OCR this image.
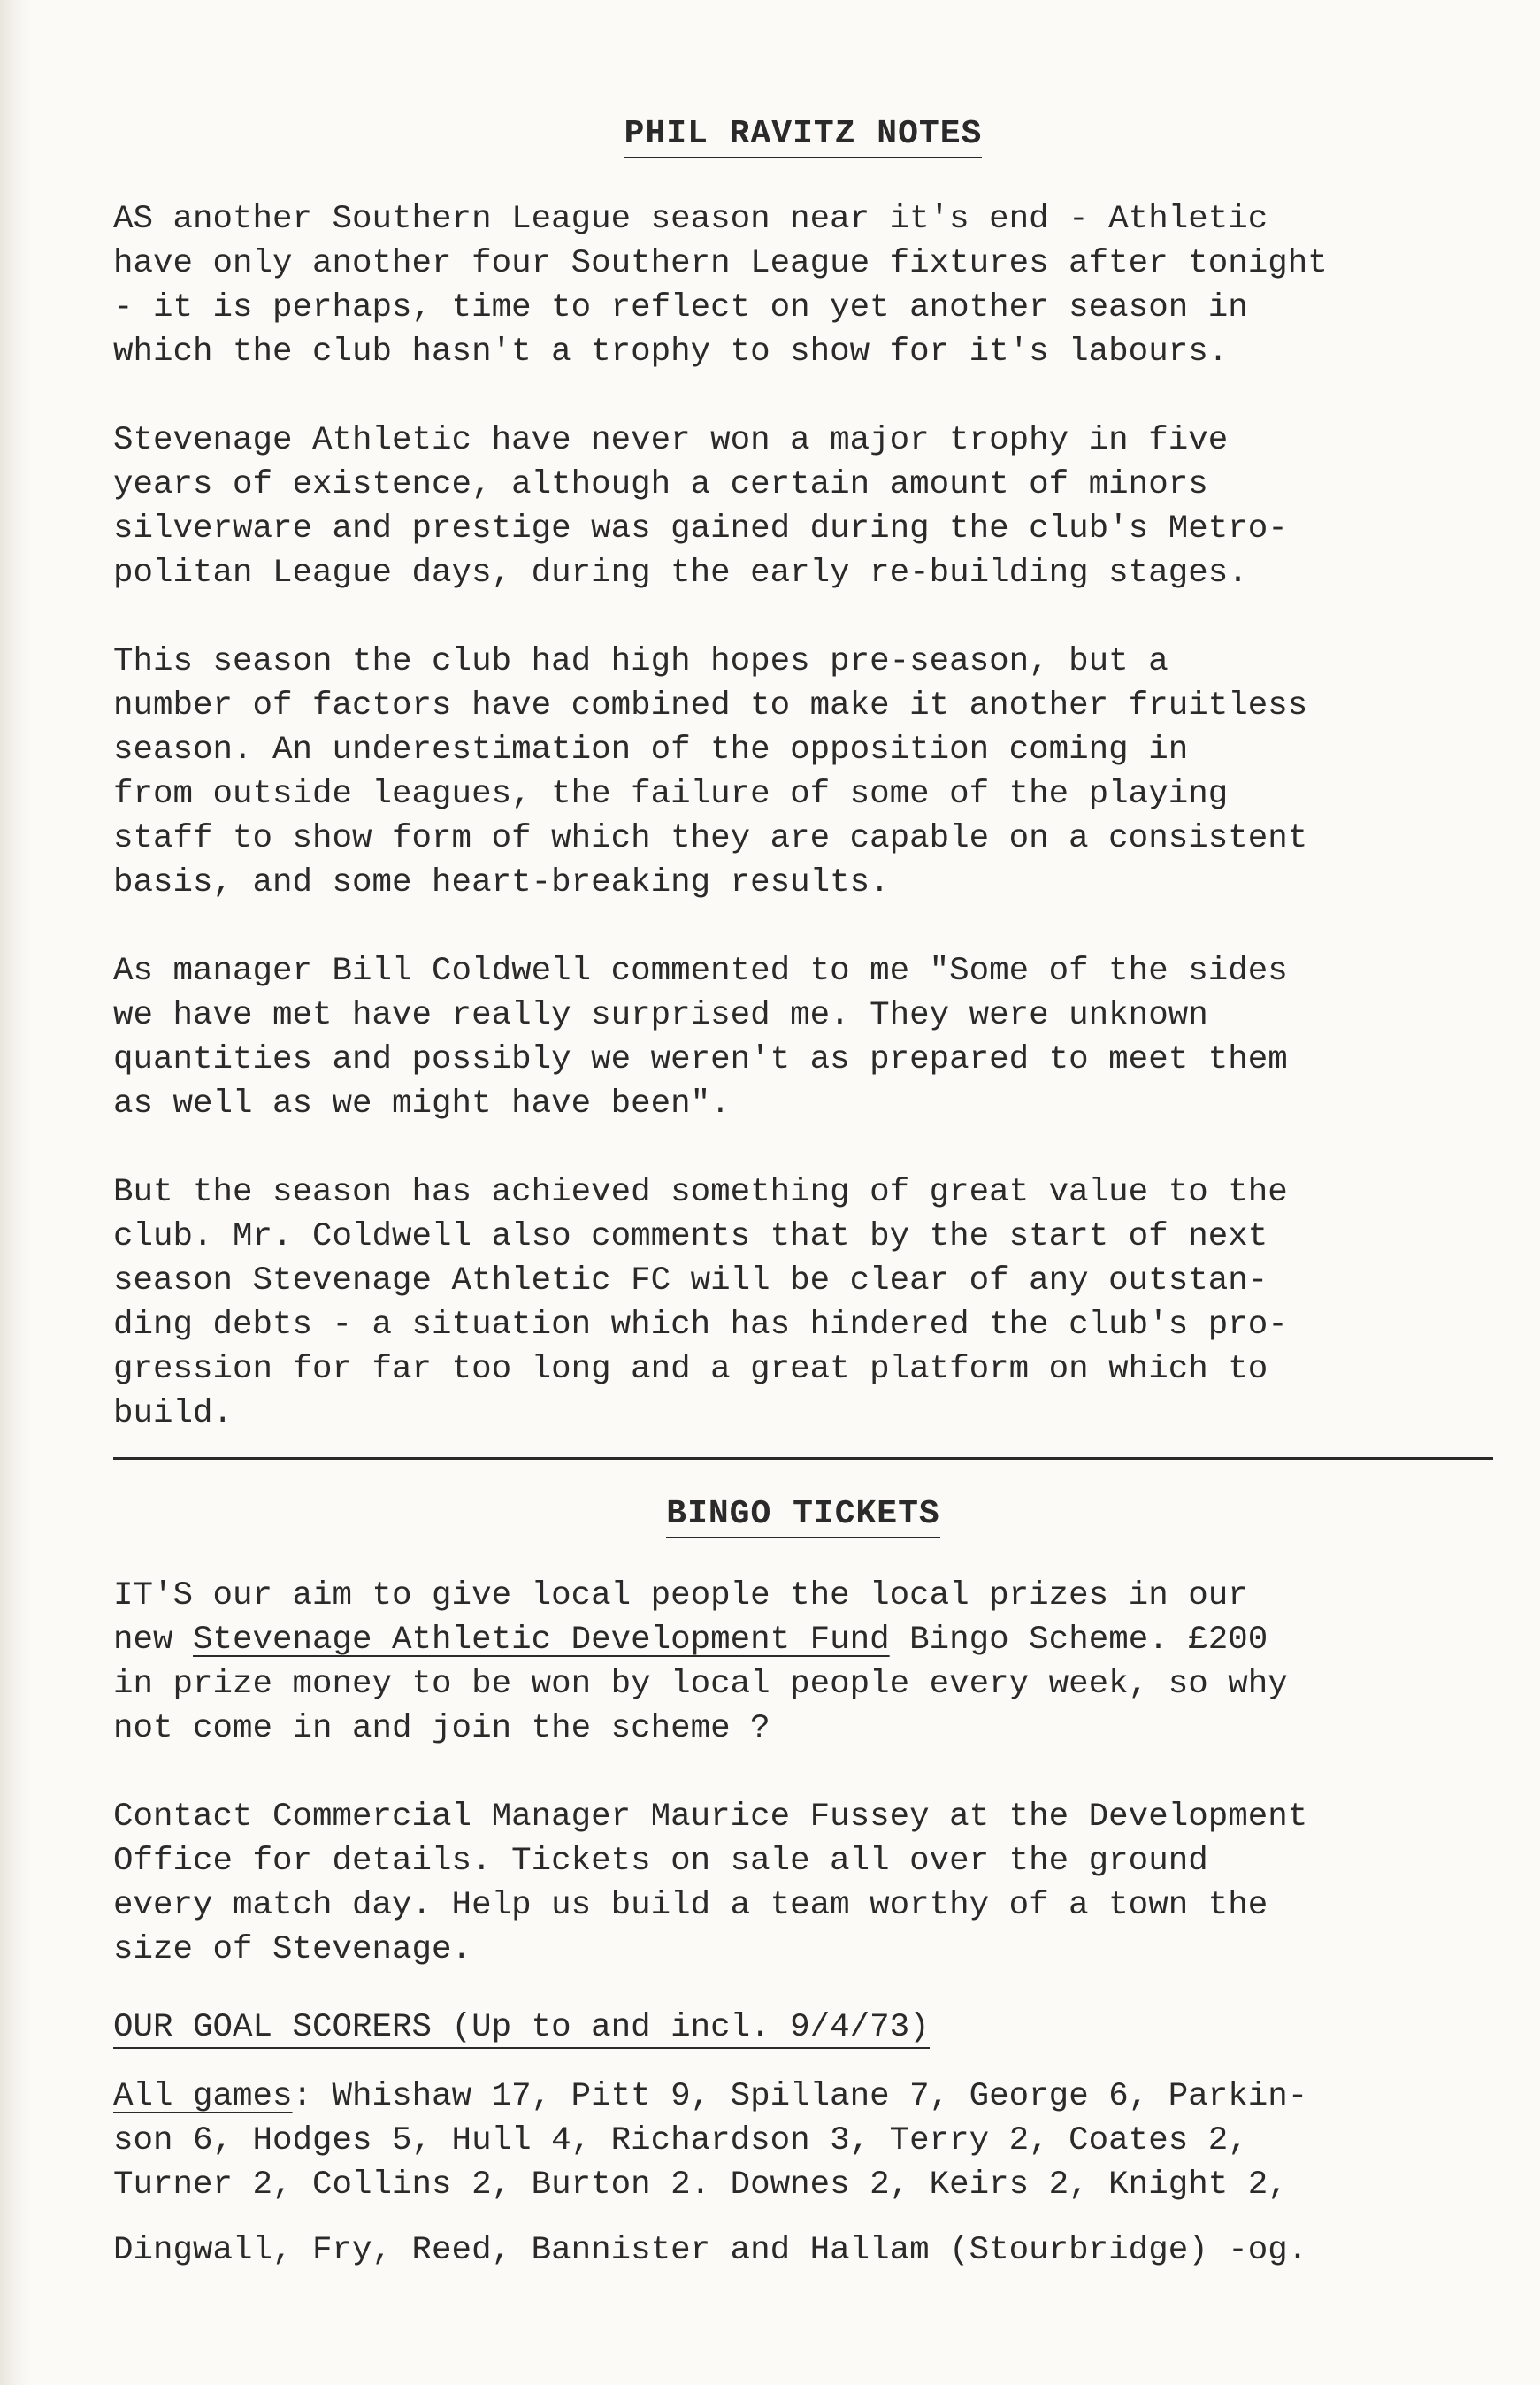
PHIL RAVITZ NOTES

AS another Southern League season near it's end - Athletic
have only another four Southern League fixtures after tonight
- it is perhaps, time to reflect on yet another season in
which the club hasn't a trophy to show for it's labours.

Stevenage Athletic have never won a major trophy in five
years of existence, although a certain amount of minors
silverware and prestige was gained during the club's Metro-
politan League days, during the early re-building stages.

This season the club had high hopes pre-season, but a
number of factors have combined to make it another fruitless
season. An underestimation of the opposition coming in
from outside leagues, the failure of some of the playing
staff to show form of which they are capable on a consistent
basis, and some heart-breaking results.

As manager Bill Coldwell commented to me "Some of the sides
we have met have really surprised me. They were unknown
quantities and possibly we weren't as prepared to meet them
as well as we might have been".

But the season has achieved something of great value to the
club. Mr. Coldwell also comments that by the start of next
season Stevenage Athletic FC will be clear of any outstan-
ding debts - a situation which has hindered the club's pro-
gression for far too long and a great platform on which to
build.

BINGO TICKETS

IT'S our aim to give local people the local prizes in our
new Stevenage Athletic Development Fund Bingo Scheme. £200
in prize money to be won by local people every week, so why
not come in and join the scheme ?

Contact Commercial Manager Maurice Fussey at the Development
Office for details. Tickets on sale all over the ground
every match day. Help us build a team worthy of a town the
size of Stevenage.

OUR GOAL SCORERS (Up to and incl. 9/4/73)

All games: Whishaw 17, Pitt 9, Spillane 7, George 6, Parkin-
son 6, Hodges 5, Hull 4, Richardson 3, Terry 2, Coates 2,
Turner 2, Collins 2, Burton 2. Downes 2, Keirs 2, Knight 2,

Dingwall, Fry, Reed, Bannister and Hallam (Stourbridge) -og.
